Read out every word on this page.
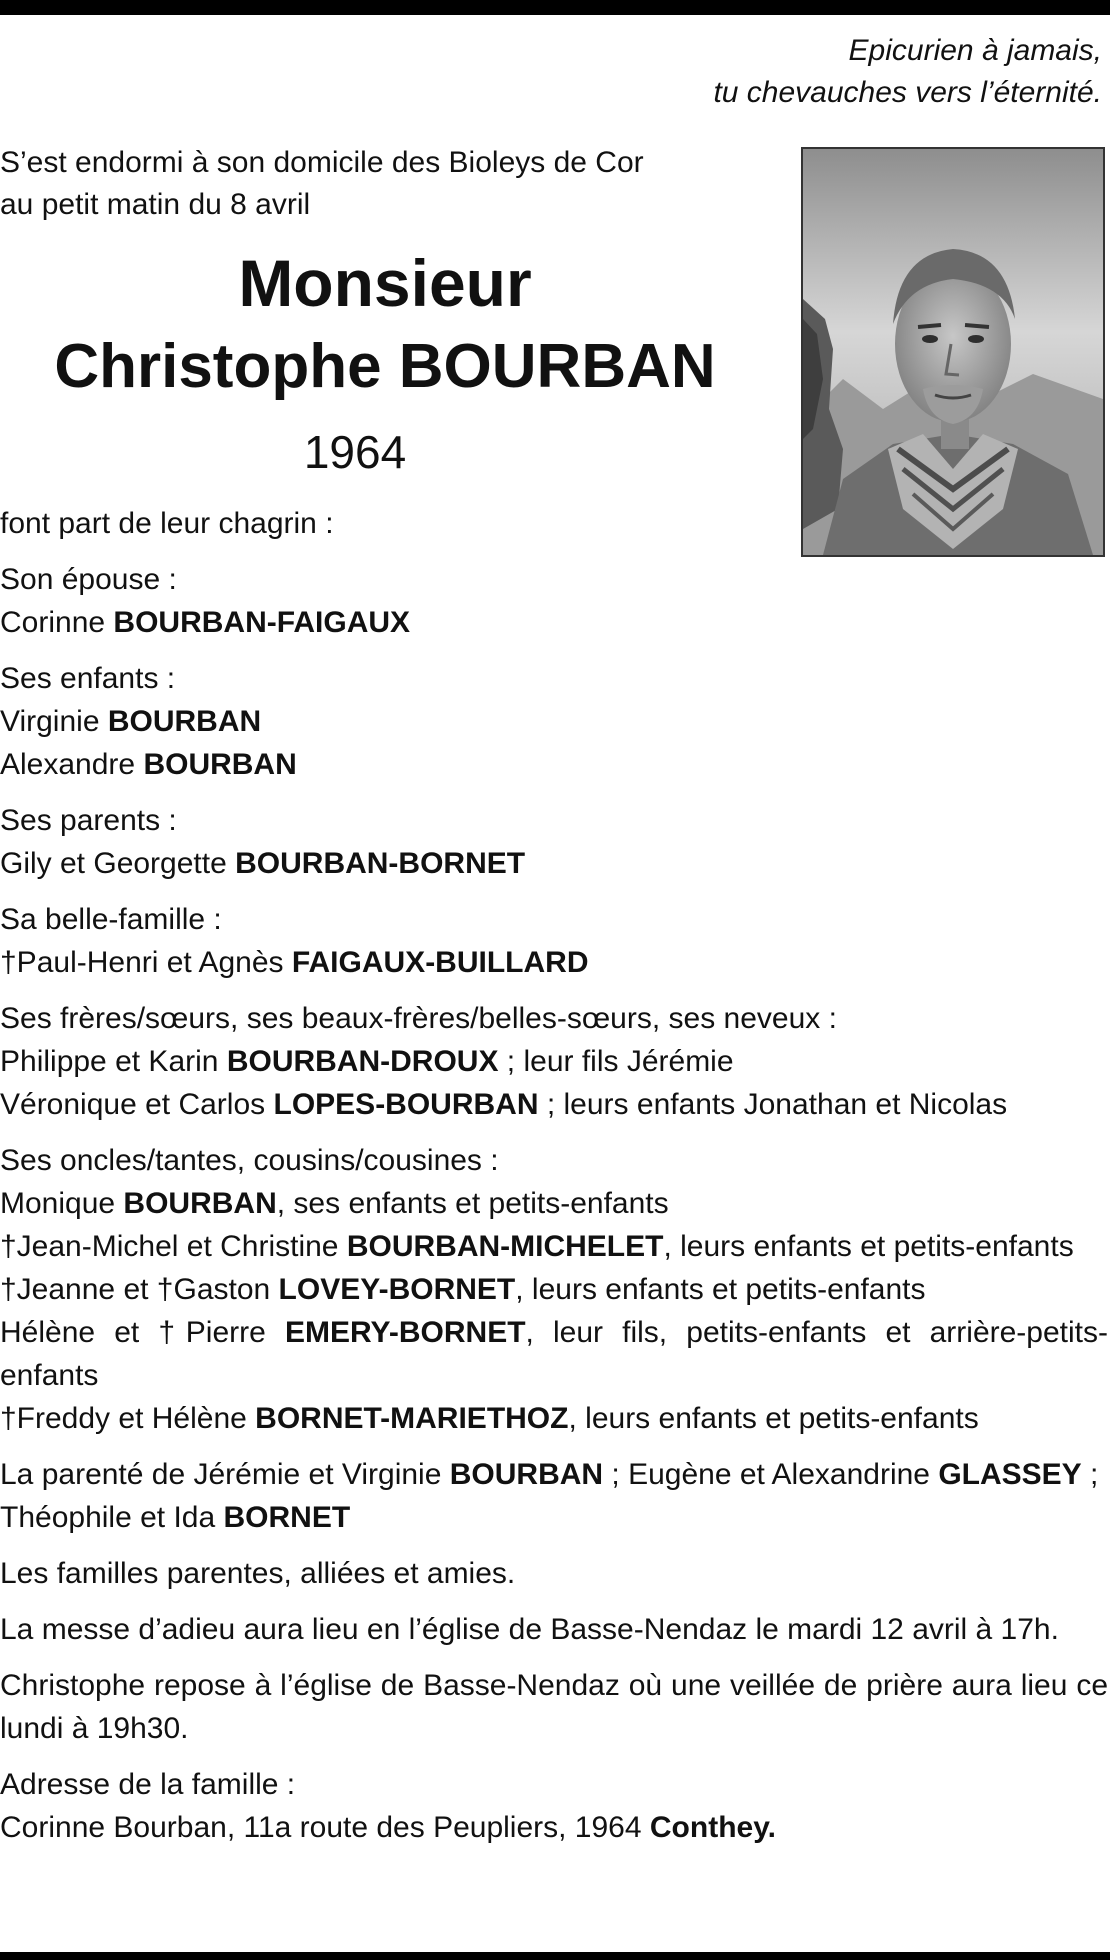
Epicurien à jamais,
tu chevauches vers l’éternité.
S’est endormi à son domicile des Bioleys de Cor
au petit matin du 8 avril
Monsieur
Christophe BOURBAN
1964

font part de leur chagrin :

Son épouse :
Corinne BOURBAN-FAIGAUX

Ses enfants :
Virginie BOURBAN
Alexandre BOURBAN

Ses parents :
Gily et Georgette BOURBAN-BORNET

Sa belle-famille :
†Paul-Henri et Agnès FAIGAUX-BUILLARD

Ses frères/sœurs, ses beaux-frères/belles-sœurs, ses neveux :
Philippe et Karin BOURBAN-DROUX ; leur fils Jérémie
Véronique et Carlos LOPES-BOURBAN ; leurs enfants Jonathan et Nicolas

Ses oncles/tantes, cousins/cousines :
Monique BOURBAN, ses enfants et petits-enfants
†Jean-Michel et Christine BOURBAN-MICHELET, leurs enfants et petits-enfants
†Jeanne et †Gaston LOVEY-BORNET, leurs enfants et petits-enfants
Hélène et †Pierre EMERY-BORNET, leur fils, petits-enfants et arrière-petits-enfants
†Freddy et Hélène BORNET-MARIETHOZ, leurs enfants et petits-enfants

La parenté de Jérémie et Virginie BOURBAN ; Eugène et Alexandrine GLASSEY ; Théophile et Ida BORNET

Les familles parentes, alliées et amies.

La messe d’adieu aura lieu en l’église de Basse-Nendaz le mardi 12 avril à 17h.

Christophe repose à l’église de Basse-Nendaz où une veillée de prière aura lieu ce lundi à 19h30.

Adresse de la famille :
Corinne Bourban, 11a route des Peupliers, 1964 Conthey.
